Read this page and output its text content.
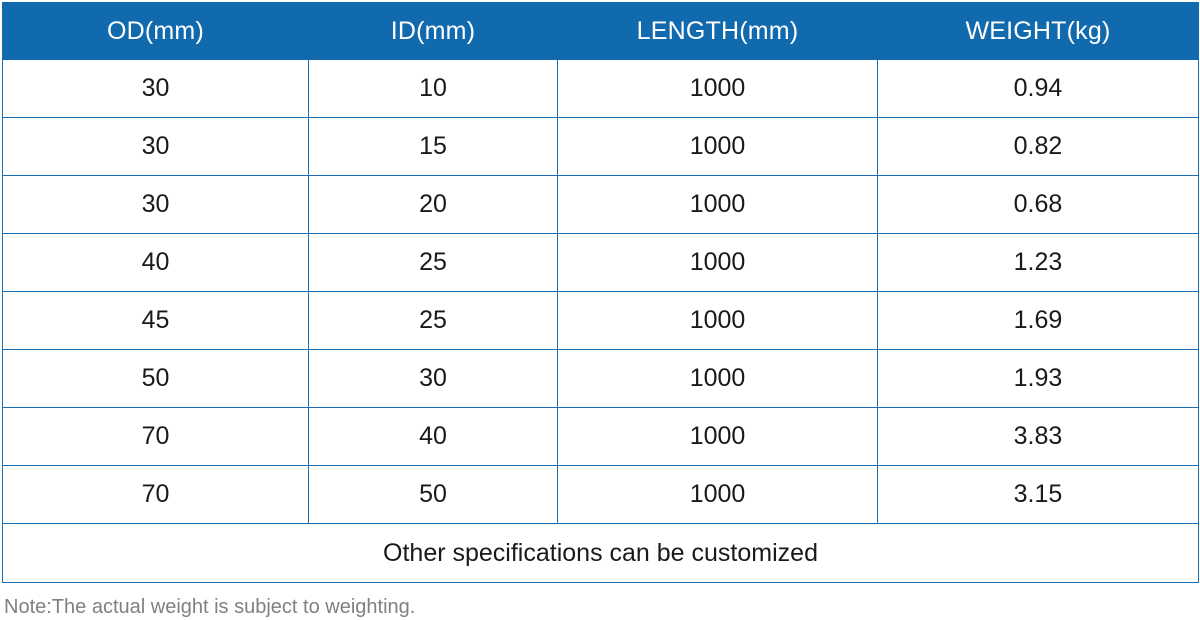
OD(mm)	ID(mm)	LENGTH(mm)	WEIGHT(kg)
30	10	1000	0.94
30	15	1000	0.82
30	20	1000	0.68
40	25	1000	1.23
45	25	1000	1.69
50	30	1000	1.93
70	40	1000	3.83
70	50	1000	3.15
Other specifications can be customized			
Note:The actual weight is subject to weighting.
